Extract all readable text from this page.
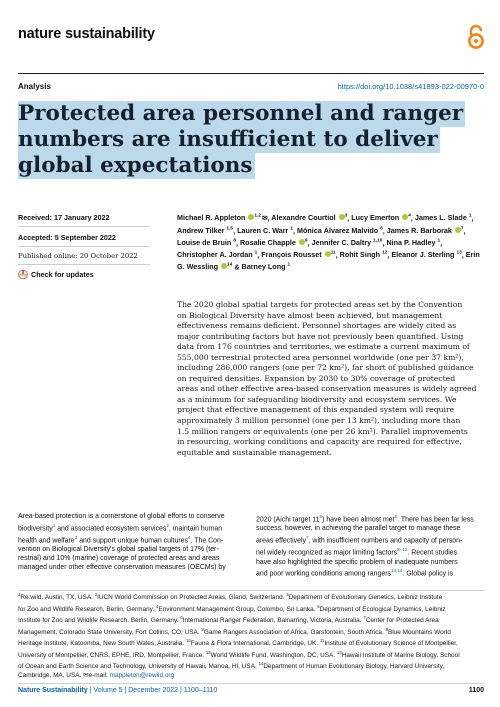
nature sustainability
Analysis	https://doi.org/10.1038/s41893-022-00970-0
Protected area personnel and ranger
numbers are insufficient to deliver
global expectations
Received: 17 January 2022
Accepted: 5 September 2022
Published online: 20 October 2022
Check for updates
Michael R. Appleton $^{1,2}$✉, Alexandre Courtiol $^3$, Lucy Emerton $^4$, James L. Slade $^1$, Andrew Tilker $^{1,5}$, Lauren C. Warr $^1$, Mónica Álvarez Malvido $^6$, James R. Barborak $^7$, Louise de Bruin $^8$, Rosalie Chapple $^9$, Jennifer C. Daltry $^{1,10}$, Nina P. Hadley $^1$, Christopher A. Jordan $^1$, François Rousset $^{11}$, Rohit Singh $^{12}$, Eleanor J. Sterling $^{13}$, Erin G. Wessling $^{14}$ & Barney Long $^1$

The 2020 global spatial targets for protected areas set by the Convention

on Biological Diversity have almost been achieved, but management

effectiveness remains deficient. Personnel shortages are widely cited as

major contributing factors but have not previously been quantified. Using

data from 176 countries and territories, we estimate a current maximum of

555,000 terrestrial protected area personnel worldwide (one per 37 km²),

including 286,000 rangers (one per 72 km²), far short of published guidance

on required densities. Expansion by 2030 to 30% coverage of protected

areas and other effective area-based conservation measures is widely agreed

as a minimum for safeguarding biodiversity and ecosystem services. We

project that effective management of this expanded system will require

approximately 3 million personnel (one per 13 km²), including more than

1.5 million rangers or equivalents (one per 26 km²). Parallel improvements

in resourcing, working conditions and capacity are required for effective,

equitable and sustainable management.

Area-based protection is a cornerstone of global efforts to conserve

biodiversity$^1$ and associated ecosystem services$^2$, maintain human

health and welfare$^3$ and support unique human cultures$^4$. The Con-

vention on Biological Diversity's global spatial targets of 17% (ter-

restrial) and 10% (marine) coverage of protected areas and areas

managed under other effective conservation measures (OECMs) by

2020 (Aichi target $11^5$) have been almost met$^6$. There has been far less

success, however, in achieving the parallel target to manage these

areas effectively$^7$, with insufficient numbers and capacity of person-

nel widely recognized as major limiting factors$^{8-12}$. Recent studies

have also highlighted the specific problem of inadequate numbers

and poor working conditions among rangers$^{13,14}$. Global policy is

$^1$Re:wild, Austin, TX, USA. $^2$IUCN World Commission on Protected Areas, Gland, Switzerland. $^3$Department of Evolutionary Genetics, Leibniz Institute

for Zoo and Wildlife Research, Berlin, Germany. $^4$Environment Management Group, Colombo, Sri Lanka. $^5$Department of Ecological Dynamics, Leibniz

Institute for Zoo and Wildlife Research, Berlin, Germany. $^6$International Ranger Federation, Balnarring, Victoria, Australia. $^7$Center for Protected Area

Management, Colorado State University, Fort Collins, CO, USA. $^8$Game Rangers Association of Africa, Garsfontein, South Africa. $^9$Blue Mountains World

Heritage Institute, Katoomba, New South Wales, Australia. $^{10}$Fauna & Flora International, Cambridge, UK. $^{11}$Institute of Evolutionary Science of Montpellier,

University of Montpellier, CNRS, EPHE, IRD, Montpellier, France. $^{12}$World Wildlife Fund, Washington, DC, USA. $^{13}$Hawaii Institute of Marine Biology, School

of Ocean and Earth Science and Technology, University of Hawaii, Manoa, HI, USA. $^{14}$Department of Human Evolutionary Biology, Harvard University,

Cambridge, MA, USA. ✉e-mail: mappleton@rewild.org

Nature Sustainability | Volume 5 | December 2022 | 1100–1110	1100
